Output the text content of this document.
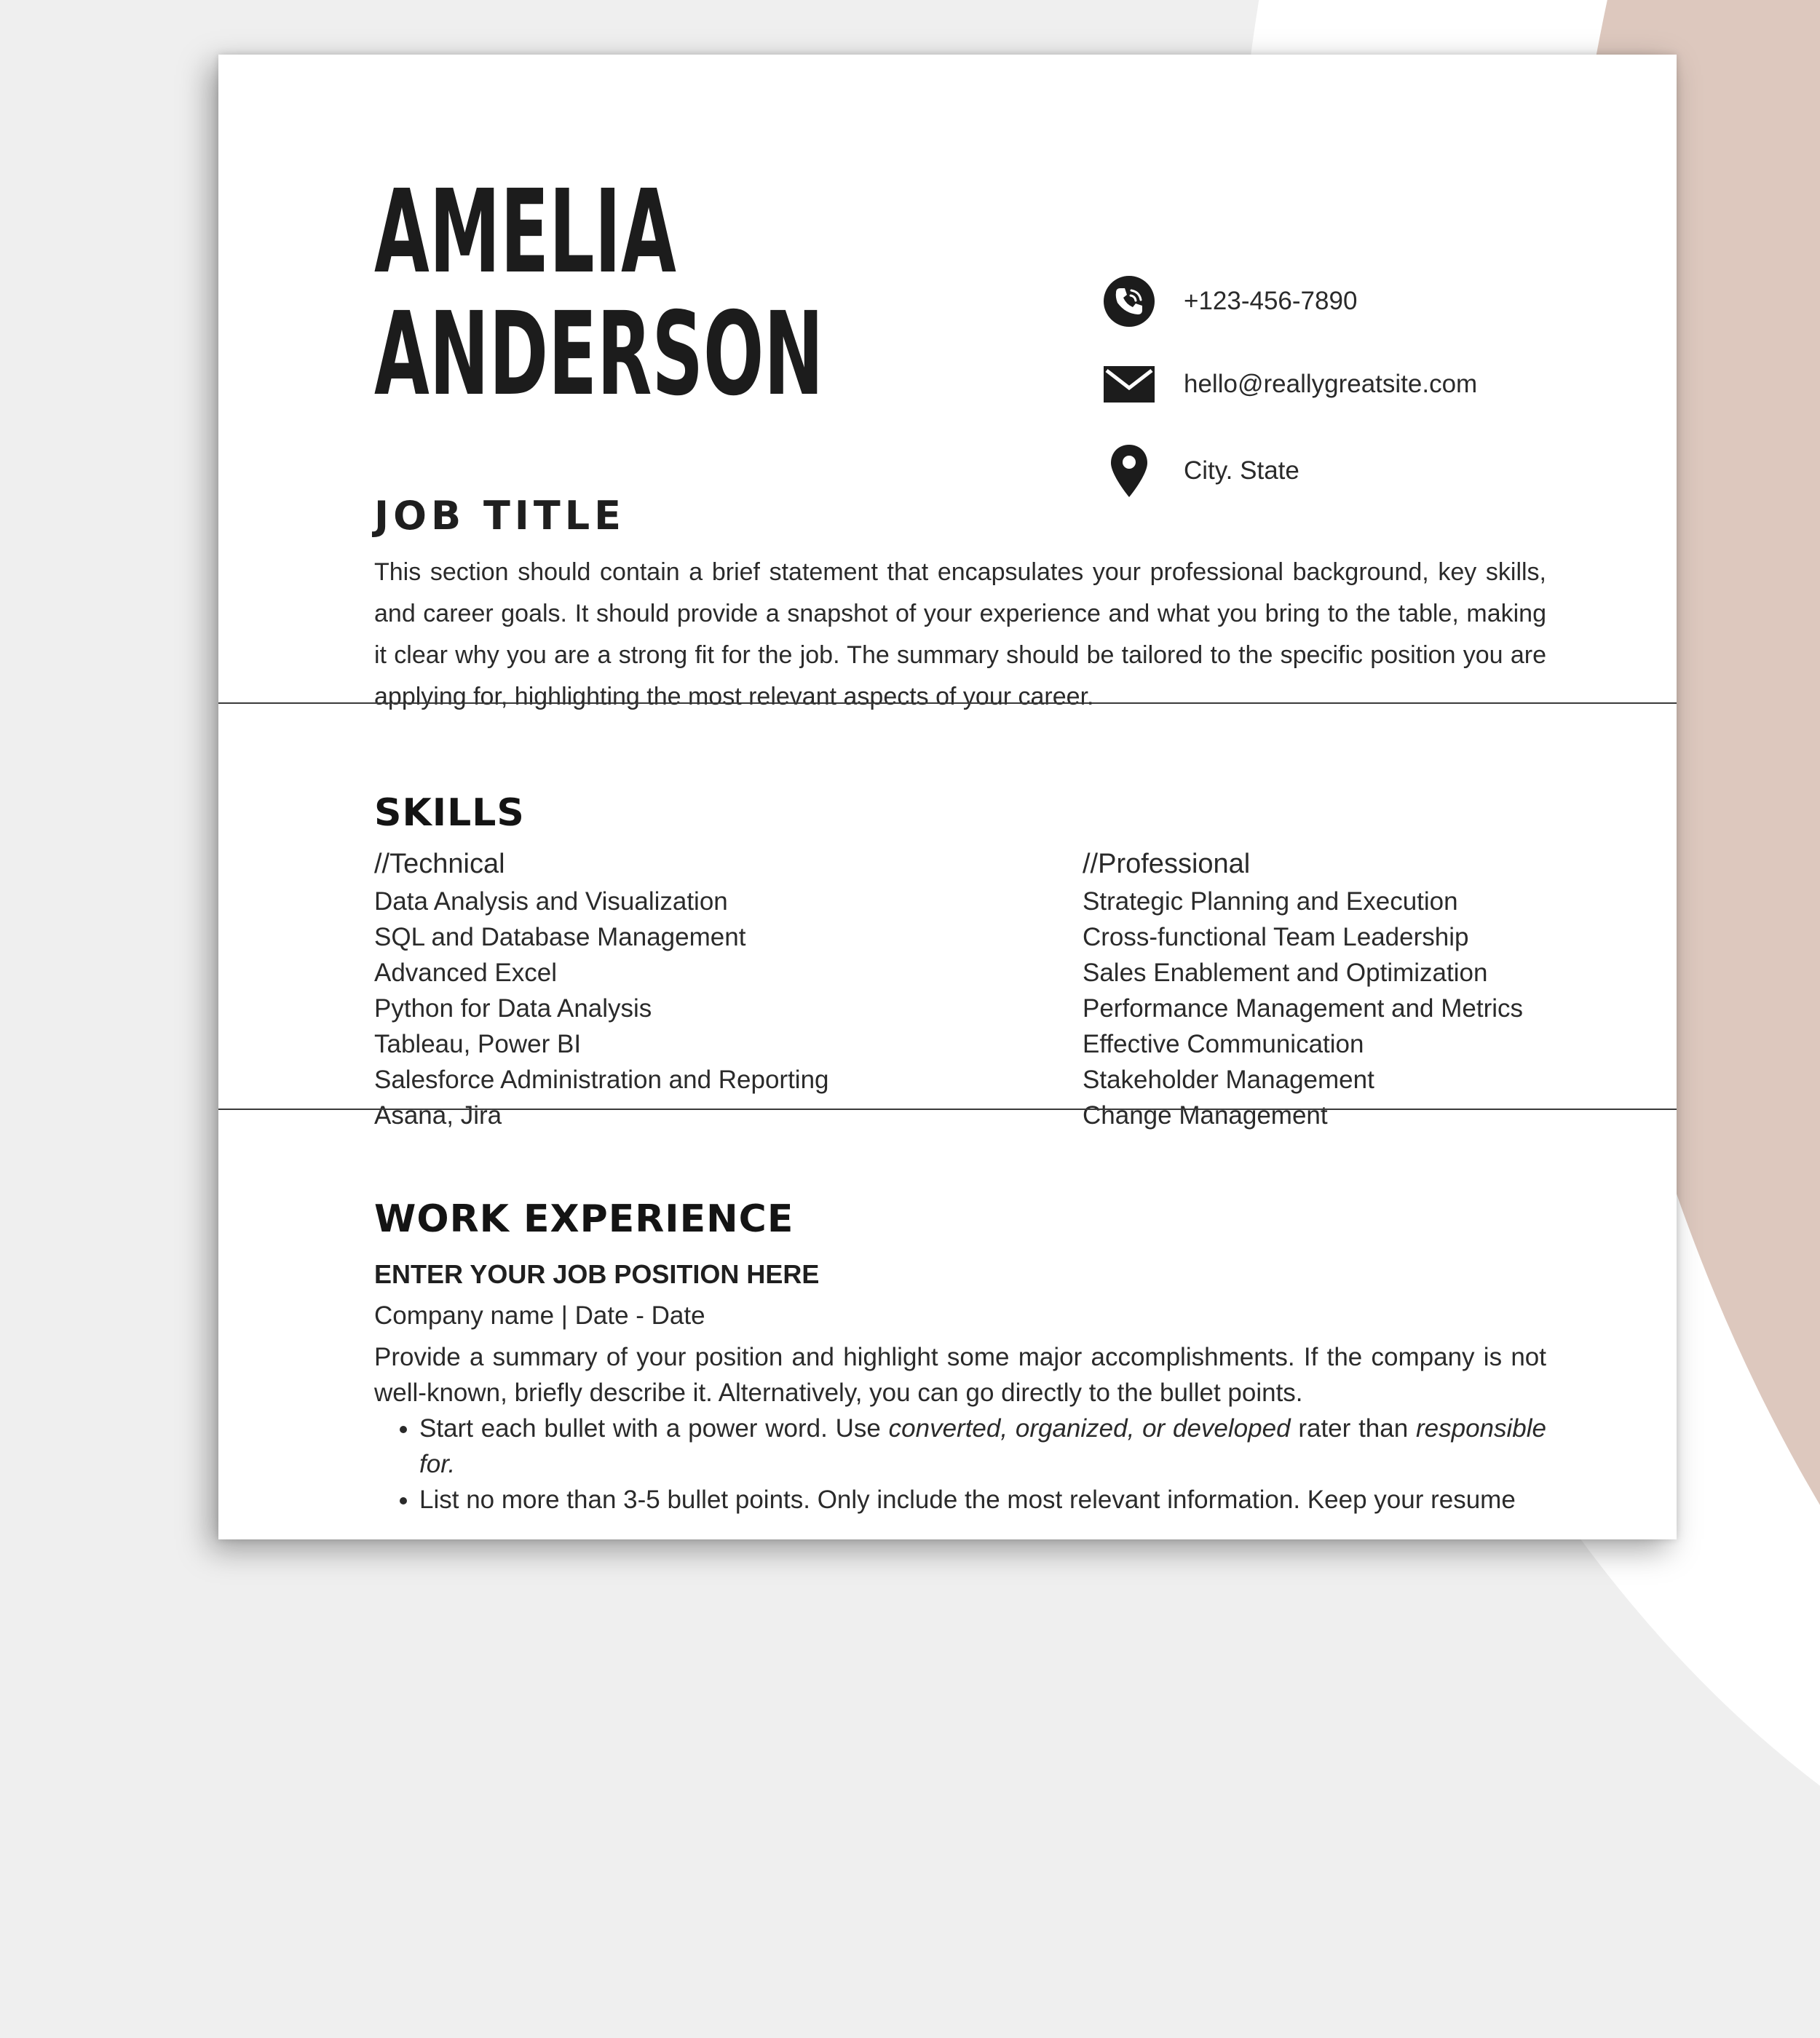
AMELIA
ANDERSON
JOB TITLE
+123-456-7890
hello@reallygreatsite.com
City. State

This section should contain a brief statement that encapsulates your professional background, key skills, and career goals. It should provide a snapshot of your experience and what you bring to the table, making it clear why you are a strong fit for the job. The summary should be tailored to the specific position you are applying for, highlighting the most relevant aspects of your career.

SKILLS
//Technical
Data Analysis and Visualization
SQL and Database Management
Advanced Excel
Python for Data Analysis
Tableau, Power BI
Salesforce Administration and Reporting
Asana, Jira
//Professional
Strategic Planning and Execution
Cross-functional Team Leadership
Sales Enablement and Optimization
Performance Management and Metrics
Effective Communication
Stakeholder Management
Change Management
WORK EXPERIENCE
ENTER YOUR JOB POSITION HERE
Company name | Date - Date

Provide a summary of your position and highlight some major accomplishments. If the company is not well-known, briefly describe it. Alternatively, you can go directly to the bullet points.

• Start each bullet with a power word. Use converted, organized, or developed rater than responsible for.
• List no more than 3-5 bullet points. Only include the most relevant information. Keep your resume
